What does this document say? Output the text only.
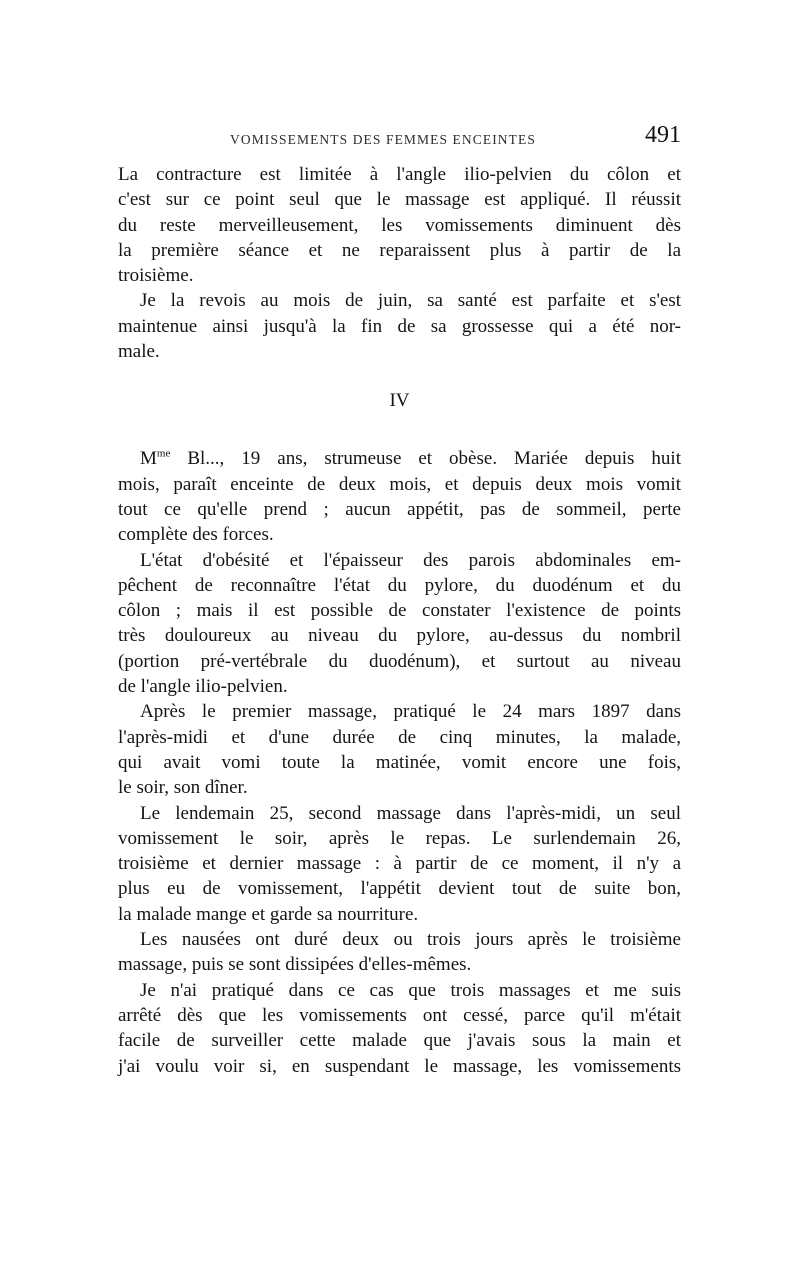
VOMISSEMENTS DES FEMMES ENCEINTES	491

La contracture est limitée à l'angle ilio-pelvien du côlon et
c'est sur ce point seul que le massage est appliqué. Il réussit
du reste merveilleusement, les vomissements diminuent dès
la première séance et ne reparaissent plus à partir de la
troisième.

Je la revois au mois de juin, sa santé est parfaite et s'est
maintenue ainsi jusqu'à la fin de sa grossesse qui a été nor-
male.

IV

$M^{me}$ Bl..., 19 ans, strumeuse et obèse. Mariée depuis huit
mois, paraît enceinte de deux mois, et depuis deux mois vomit
tout ce qu'elle prend ; aucun appétit, pas de sommeil, perte
complète des forces.

L'état d'obésité et l'épaisseur des parois abdominales em-
pêchent de reconnaître l'état du pylore, du duodénum et du
côlon ; mais il est possible de constater l'existence de points
très douloureux au niveau du pylore, au-dessus du nombril
(portion pré-vertébrale du duodénum), et surtout au niveau
de l'angle ilio-pelvien.

Après le premier massage, pratiqué le 24 mars 1897 dans
l'après-midi et d'une durée de cinq minutes, la malade,
qui avait vomi toute la matinée, vomit encore une fois,
le soir, son dîner.

Le lendemain 25, second massage dans l'après-midi, un seul
vomissement le soir, après le repas. Le surlendemain 26,
troisième et dernier massage : à partir de ce moment, il n'y a
plus eu de vomissement, l'appétit devient tout de suite bon,
la malade mange et garde sa nourriture.

Les nausées ont duré deux ou trois jours après le troisième
massage, puis se sont dissipées d'elles-mêmes.

Je n'ai pratiqué dans ce cas que trois massages et me suis
arrêté dès que les vomissements ont cessé, parce qu'il m'était
facile de surveiller cette malade que j'avais sous la main et
j'ai voulu voir si, en suspendant le massage, les vomissements
